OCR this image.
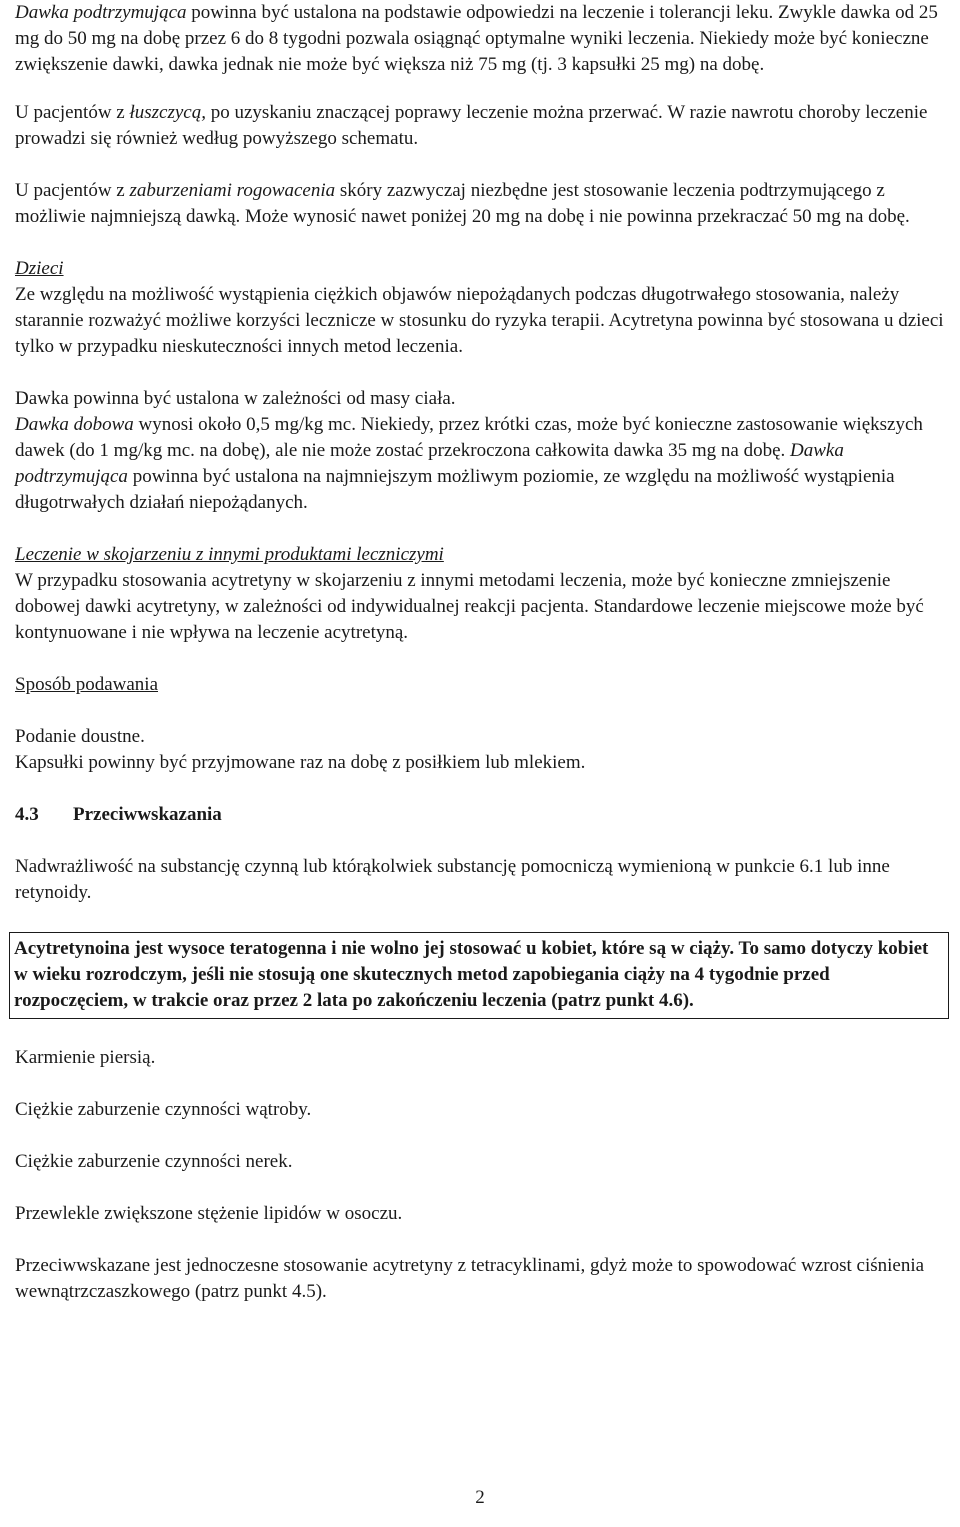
Dawka podtrzymująca powinna być ustalona na podstawie odpowiedzi na leczenie i tolerancji leku. Zwykle dawka od 25 mg do 50 mg na dobę przez 6 do 8 tygodni pozwala osiągnąć optymalne wyniki leczenia. Niekiedy może być konieczne zwiększenie dawki, dawka jednak nie może być większa niż 75 mg (tj. 3 kapsułki 25 mg) na dobę.

U pacjentów z łuszczycą, po uzyskaniu znaczącej poprawy leczenie można przerwać. W razie nawrotu choroby leczenie prowadzi się również według powyższego schematu.

U pacjentów z zaburzeniami rogowacenia skóry zazwyczaj niezbędne jest stosowanie leczenia podtrzymującego z możliwie najmniejszą dawką. Może wynosić nawet poniżej 20 mg na dobę i nie powinna przekraczać 50 mg na dobę.

Dzieci

Ze względu na możliwość wystąpienia ciężkich objawów niepożądanych podczas długotrwałego stosowania, należy starannie rozważyć możliwe korzyści lecznicze w stosunku do ryzyka terapii. Acytretyna powinna być stosowana u dzieci tylko w przypadku nieskuteczności innych metod leczenia.

Dawka powinna być ustalona w zależności od masy ciała.

Dawka dobowa wynosi około 0,5 mg/kg mc. Niekiedy, przez krótki czas, może być konieczne zastosowanie większych dawek (do 1 mg/kg mc. na dobę), ale nie może zostać przekroczona całkowita dawka 35 mg na dobę. Dawka podtrzymująca powinna być ustalona na najmniejszym możliwym poziomie, ze względu na możliwość wystąpienia długotrwałych działań niepożądanych.

Leczenie w skojarzeniu z innymi produktami leczniczymi

W przypadku stosowania acytretyny w skojarzeniu z innymi metodami leczenia, może być konieczne zmniejszenie dobowej dawki acytretyny, w zależności od indywidualnej reakcji pacjenta. Standardowe leczenie miejscowe może być kontynuowane i nie wpływa na leczenie acytretyną.

Sposób podawania

Podanie doustne.

Kapsułki powinny być przyjmowane raz na dobę z posiłkiem lub mlekiem.

4.3 Przeciwwskazania

Nadwrażliwość na substancję czynną lub którąkolwiek substancję pomocniczą wymienioną w punkcie 6.1 lub inne retynoidy.

Acytretynoina jest wysoce teratogenna i nie wolno jej stosować u kobiet, które są w ciąży. To samo dotyczy kobiet w wieku rozrodczym, jeśli nie stosują one skutecznych metod zapobiegania ciąży na 4 tygodnie przed rozpoczęciem, w trakcie oraz przez 2 lata po zakończeniu leczenia (patrz punkt 4.6).

Karmienie piersią.

Ciężkie zaburzenie czynności wątroby.

Ciężkie zaburzenie czynności nerek.

Przewlekle zwiększone stężenie lipidów w osoczu.

Przeciwwskazane jest jednoczesne stosowanie acytretyny z tetracyklinami, gdyż może to spowodować wzrost ciśnienia wewnątrzczaszkowego (patrz punkt 4.5).

2
